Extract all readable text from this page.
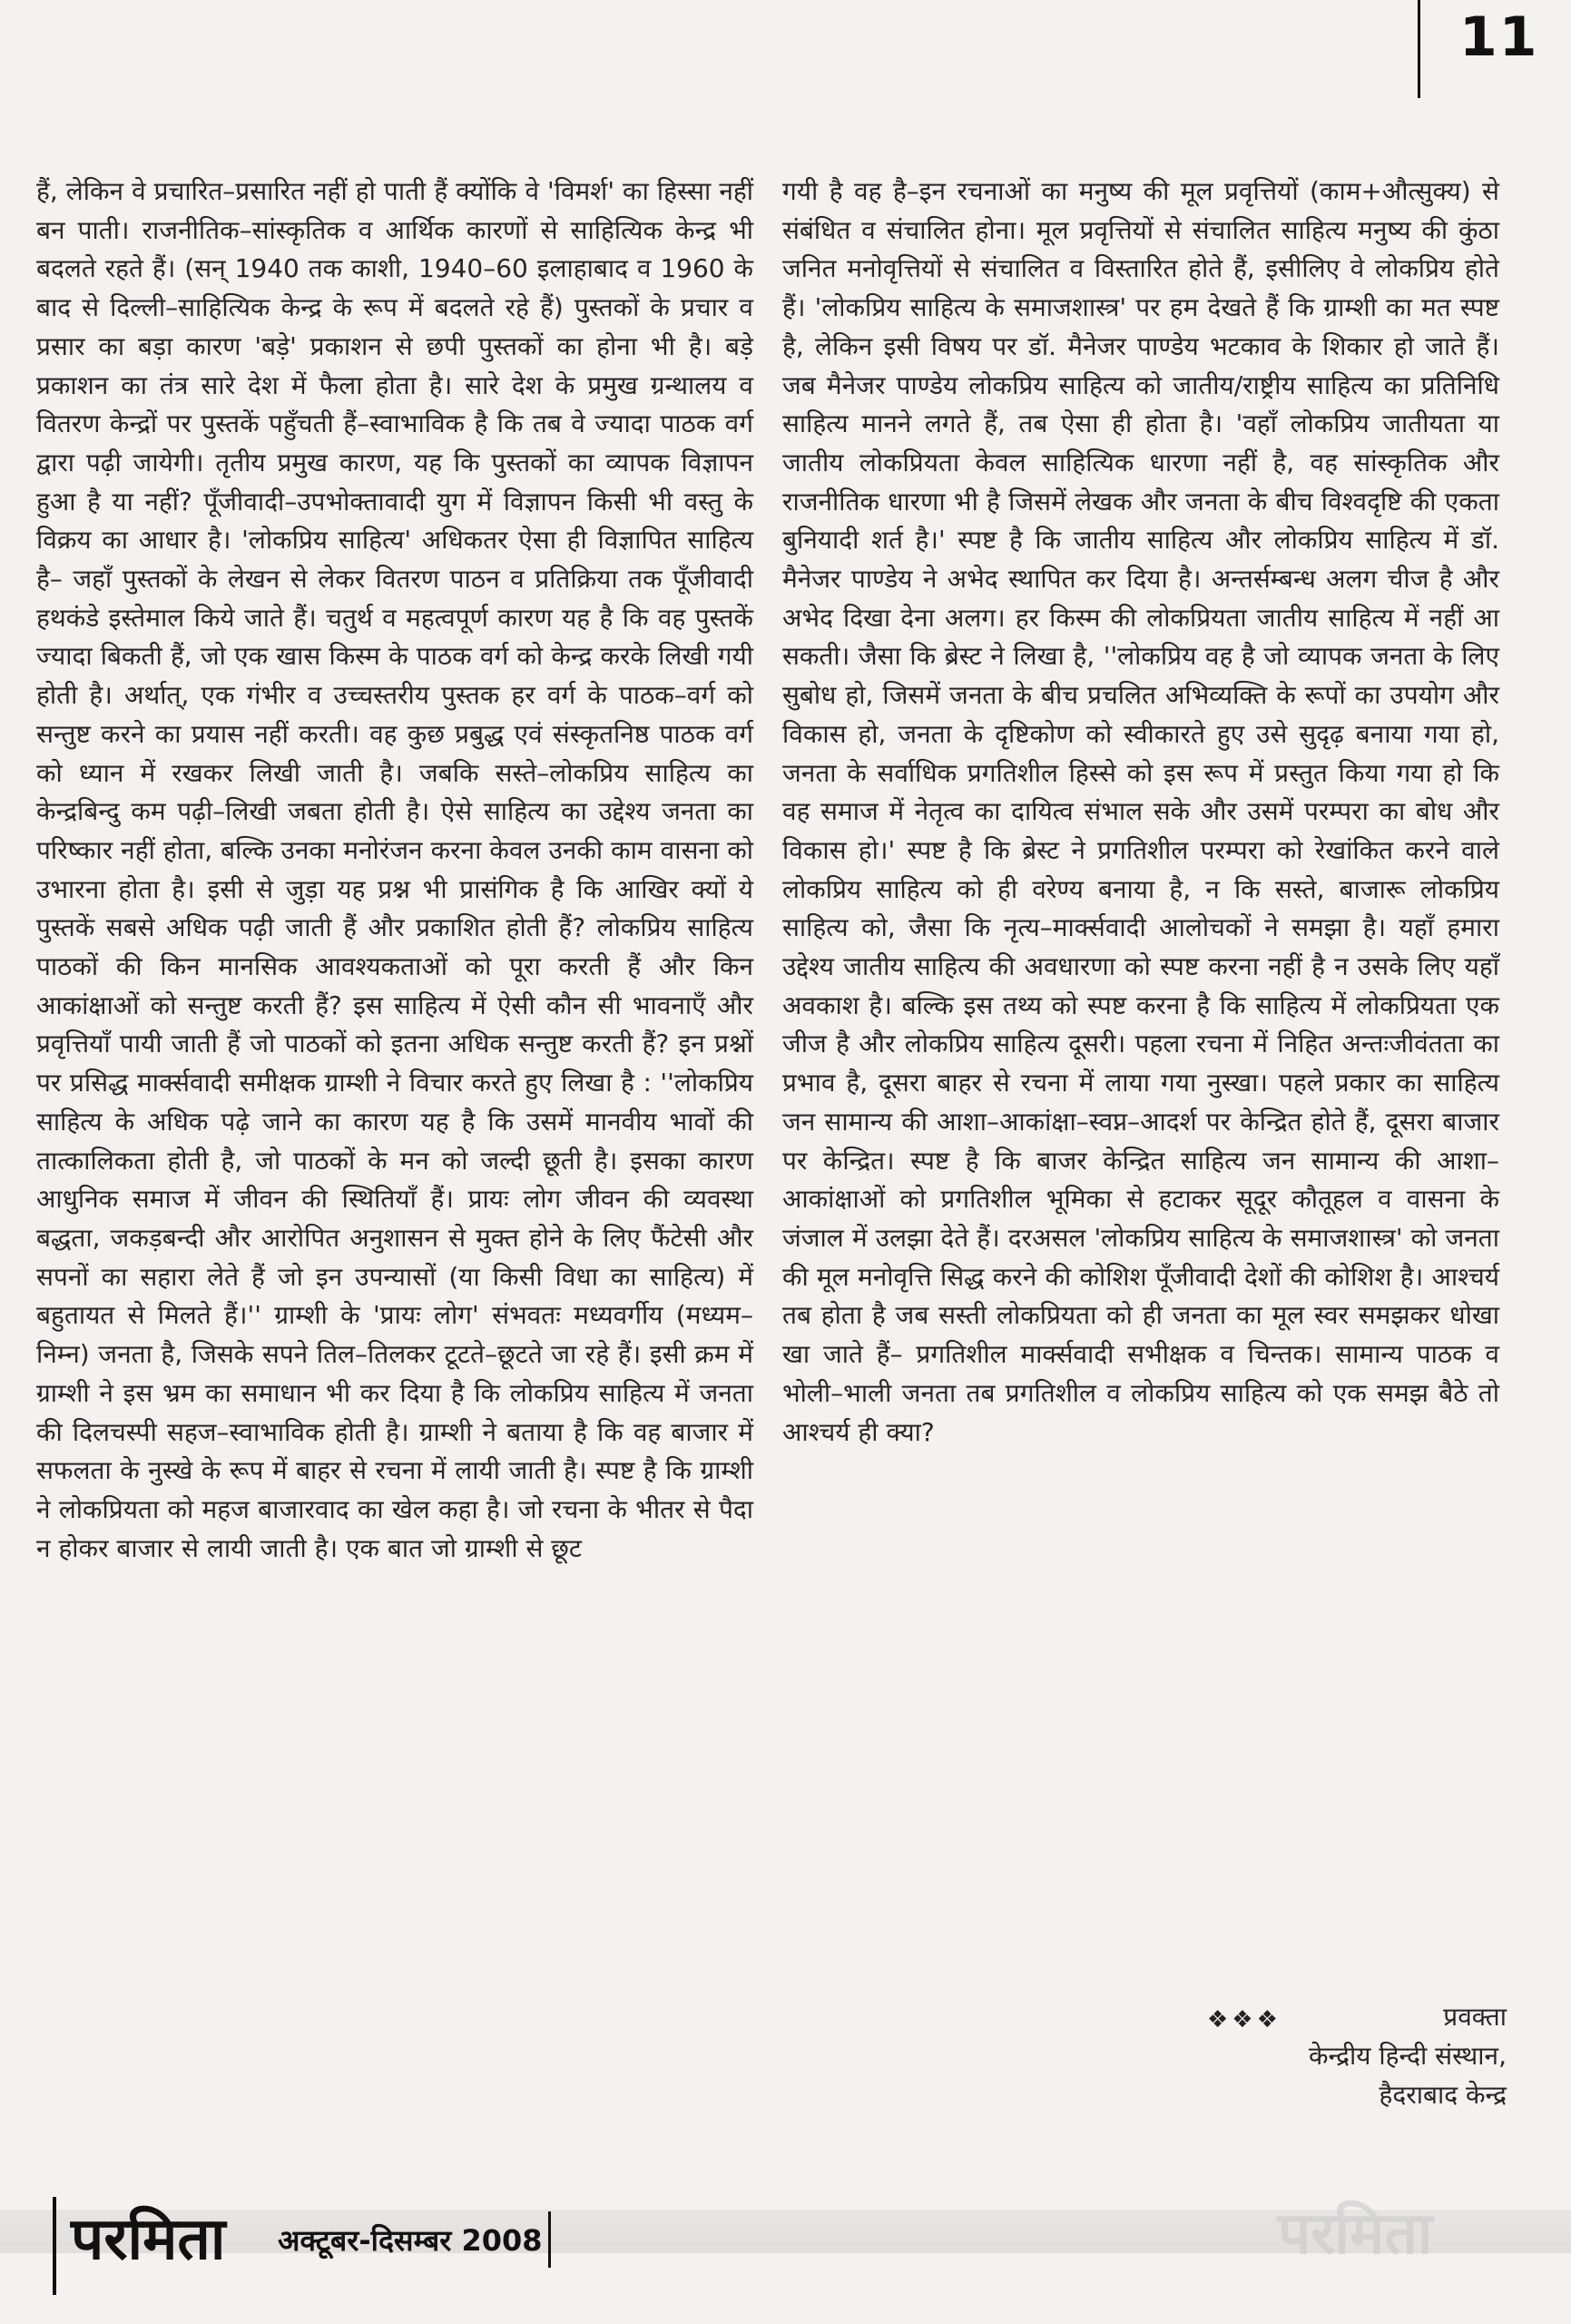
11

हैं, लेकिन वे प्रचारित–प्रसारित नहीं हो पाती हैं क्योंकि वे 'विमर्श' का हिस्सा नहीं बन पाती। राजनीतिक–सांस्कृतिक व आर्थिक कारणों से साहित्यिक केन्द्र भी बदलते रहते हैं। (सन् 1940 तक काशी, 1940–60 इलाहाबाद व 1960 के बाद से दिल्ली–साहित्यिक केन्द्र के रूप में बदलते रहे हैं) पुस्तकों के प्रचार व प्रसार का बड़ा कारण 'बड़े' प्रकाशन से छपी पुस्तकों का होना भी है। बड़े प्रकाशन का तंत्र सारे देश में फैला होता है। सारे देश के प्रमुख ग्रन्थालय व वितरण केन्द्रों पर पुस्तकें पहुँचती हैं–स्वाभाविक है कि तब वे ज्यादा पाठक वर्ग द्वारा पढ़ी जायेगी। तृतीय प्रमुख कारण, यह कि पुस्तकों का व्यापक विज्ञापन हुआ है या नहीं? पूँजीवादी–उपभोक्तावादी युग में विज्ञापन किसी भी वस्तु के विक्रय का आधार है। 'लोकप्रिय साहित्य' अधिकतर ऐसा ही विज्ञापित साहित्य है– जहाँ पुस्तकों के लेखन से लेकर वितरण पाठन व प्रतिक्रिया तक पूँजीवादी हथकंडे इस्तेमाल किये जाते हैं। चतुर्थ व महत्वपूर्ण कारण यह है कि वह पुस्तकें ज्यादा बिकती हैं, जो एक खास किस्म के पाठक वर्ग को केन्द्र करके लिखी गयी होती है। अर्थात्, एक गंभीर व उच्चस्तरीय पुस्तक हर वर्ग के पाठक–वर्ग को सन्तुष्ट करने का प्रयास नहीं करती। वह कुछ प्रबुद्ध एवं संस्कृतनिष्ठ पाठक वर्ग को ध्यान में रखकर लिखी जाती है। जबकि सस्ते–लोकप्रिय साहित्य का केन्द्रबिन्दु कम पढ़ी–लिखी जबता होती है। ऐसे साहित्य का उद्देश्य जनता का परिष्कार नहीं होता, बल्कि उनका मनोरंजन करना केवल उनकी काम वासना को उभारना होता है। इसी से जुड़ा यह प्रश्न भी प्रासंगिक है कि आखिर क्यों ये पुस्तकें सबसे अधिक पढ़ी जाती हैं और प्रकाशित होती हैं? लोकप्रिय साहित्य पाठकों की किन मानसिक आवश्यकताओं को पूरा करती हैं और किन आकांक्षाओं को सन्तुष्ट करती हैं? इस साहित्य में ऐसी कौन सी भावनाएँ और प्रवृत्तियाँ पायी जाती हैं जो पाठकों को इतना अधिक सन्तुष्ट करती हैं? इन प्रश्नों पर प्रसिद्ध मार्क्सवादी समीक्षक ग्राम्शी ने विचार करते हुए लिखा है : ''लोकप्रिय साहित्य के अधिक पढ़े जाने का कारण यह है कि उसमें मानवीय भावों की तात्कालिकता होती है, जो पाठकों के मन को जल्दी छूती है। इसका कारण आधुनिक समाज में जीवन की स्थितियाँ हैं। प्रायः लोग जीवन की व्यवस्था बद्धता, जकड़बन्दी और आरोपित अनुशासन से मुक्त होने के लिए फैंटेसी और सपनों का सहारा लेते हैं जो इन उपन्यासों (या किसी विधा का साहित्य) में बहुतायत से मिलते हैं।'' ग्राम्शी के 'प्रायः लोग' संभवतः मध्यवर्गीय (मध्यम–निम्न) जनता है, जिसके सपने तिल–तिलकर टूटते–छूटते जा रहे हैं। इसी क्रम में ग्राम्शी ने इस भ्रम का समाधान भी कर दिया है कि लोकप्रिय साहित्य में जनता की दिलचस्पी सहज–स्वाभाविक होती है। ग्राम्शी ने बताया है कि वह बाजार में सफलता के नुस्खे के रूप में बाहर से रचना में लायी जाती है। स्पष्ट है कि ग्राम्शी ने लोकप्रियता को महज बाजारवाद का खेल कहा है। जो रचना के भीतर से पैदा न होकर बाजार से लायी जाती है। एक बात जो ग्राम्शी से छूट

गयी है वह है–इन रचनाओं का मनुष्य की मूल प्रवृत्तियों (काम+औत्सुक्य) से संबंधित व संचालित होना। मूल प्रवृत्तियों से संचालित साहित्य मनुष्य की कुंठा जनित मनोवृत्तियों से संचालित व विस्तारित होते हैं, इसीलिए वे लोकप्रिय होते हैं। 'लोकप्रिय साहित्य के समाजशास्त्र' पर हम देखते हैं कि ग्राम्शी का मत स्पष्ट है, लेकिन इसी विषय पर डॉ. मैनेजर पाण्डेय भटकाव के शिकार हो जाते हैं। जब मैनेजर पाण्डेय लोकप्रिय साहित्य को जातीय/राष्ट्रीय साहित्य का प्रतिनिधि साहित्य मानने लगते हैं, तब ऐसा ही होता है। 'वहाँ लोकप्रिय जातीयता या जातीय लोकप्रियता केवल साहित्यिक धारणा नहीं है, वह सांस्कृतिक और राजनीतिक धारणा भी है जिसमें लेखक और जनता के बीच विश्वदृष्टि की एकता बुनियादी शर्त है।' स्पष्ट है कि जातीय साहित्य और लोकप्रिय साहित्य में डॉ. मैनेजर पाण्डेय ने अभेद स्थापित कर दिया है। अन्तर्सम्बन्ध अलग चीज है और अभेद दिखा देना अलग। हर किस्म की लोकप्रियता जातीय साहित्य में नहीं आ सकती। जैसा कि ब्रेस्ट ने लिखा है, ''लोकप्रिय वह है जो व्यापक जनता के लिए सुबोध हो, जिसमें जनता के बीच प्रचलित अभिव्यक्ति के रूपों का उपयोग और विकास हो, जनता के दृष्टिकोण को स्वीकारते हुए उसे सुदृढ़ बनाया गया हो, जनता के सर्वाधिक प्रगतिशील हिस्से को इस रूप में प्रस्तुत किया गया हो कि वह समाज में नेतृत्व का दायित्व संभाल सके और उसमें परम्परा का बोध और विकास हो।' स्पष्ट है कि ब्रेस्ट ने प्रगतिशील परम्परा को रेखांकित करने वाले लोकप्रिय साहित्य को ही वरेण्य बनाया है, न कि सस्ते, बाजारू लोकप्रिय साहित्य को, जैसा कि नृत्य–मार्क्सवादी आलोचकों ने समझा है। यहाँ हमारा उद्देश्य जातीय साहित्य की अवधारणा को स्पष्ट करना नहीं है न उसके लिए यहाँ अवकाश है। बल्कि इस तथ्य को स्पष्ट करना है कि साहित्य में लोकप्रियता एक जीज है और लोकप्रिय साहित्य दूसरी। पहला रचना में निहित अन्तःजीवंतता का प्रभाव है, दूसरा बाहर से रचना में लाया गया नुस्खा। पहले प्रकार का साहित्य जन सामान्य की आशा–आकांक्षा–स्वप्न–आदर्श पर केन्द्रित होते हैं, दूसरा बाजार पर केन्द्रित। स्पष्ट है कि बाजर केन्द्रित साहित्य जन सामान्य की आशा– आकांक्षाओं को प्रगतिशील भूमिका से हटाकर सूदूर कौतूहल व वासना के जंजाल में उलझा देते हैं। दरअसल 'लोकप्रिय साहित्य के समाजशास्त्र' को जनता की मूल मनोवृत्ति सिद्ध करने की कोशिश पूँजीवादी देशों की कोशिश है। आश्चर्य तब होता है जब सस्ती लोकप्रियता को ही जनता का मूल स्वर समझकर धोखा खा जाते हैं– प्रगतिशील मार्क्सवादी सभीक्षक व चिन्तक। सामान्य पाठक व भोली–भाली जनता तब प्रगतिशील व लोकप्रिय साहित्य को एक समझ बैठे तो आश्चर्य ही क्या?

❖❖❖	प्रवक्ता
केन्द्रीय हिन्दी संस्थान,
हैदराबाद केन्द्र
परमिता अक्टूबर-दिसम्बर 2008	परमिता
